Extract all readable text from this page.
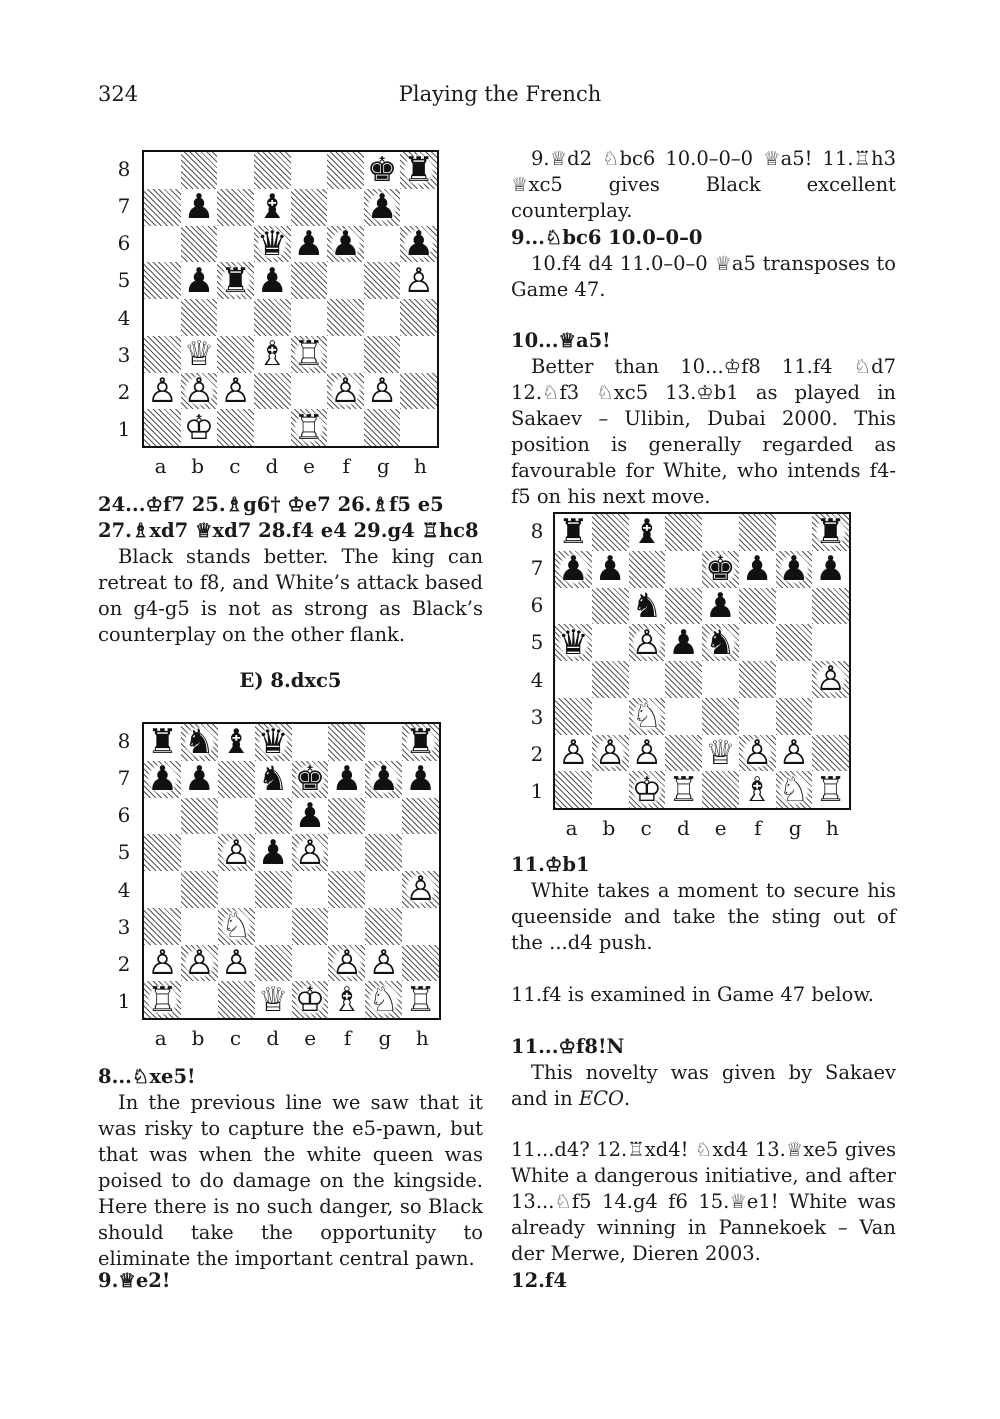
324	Playing the French
8
7
6
5
4
3
2
1
♚ ♜
♟ ♝ ♟
♛ ♟ ♟ ♟
♟ ♜ ♟	♙
♕ ♗ ♖
♙ ♙ ♙ ♙ ♙
♔ ♖
a	b	c	d	e	f	g	h
24...♔f7 25.♗g6† ♔e7 26.♗f5 e5 27.♗xd7 ♕xd7 28.f4 e4 29.g4 ♖hc8

Black stands better. The king can retreat to f8, and White’s attack based on g4-g5 is not as strong as Black’s counterplay on the other flank.

E) 8.dxc5
8
7
6
5
4
3
2
1
♜ ♞ ♝ ♛	♜
♟ ♟ ♞ ♚ ♟ ♟ ♟
♟
♙ ♟ ♙
♙
♘
♙ ♙ ♙ ♙ ♙
♖ ♕ ♔ ♗ ♘ ♖
a	b	c	d	e	f	g	h
8...♘xe5!

In the previous line we saw that it was risky to capture the e5-pawn, but that was when the white queen was poised to do damage on the kingside. Here there is no such danger, so Black should take the opportunity to eliminate the important central pawn.

9.♕e2!

9.♕d2 ♘bc6 10.0–0–0 ♕a5! 11.♖h3 ♕xc5 gives Black excellent counterplay.

9...♘bc6 10.0–0–0

10.f4 d4 11.0–0–0 ♕a5 transposes to Game 47.

10...♕a5!

Better than 10...♔f8 11.f4 ♘d7 12.♘f3 ♘xc5 13.♔b1 as played in Sakaev – Ulibin, Dubai 2000. This position is generally regarded as favourable for White, who intends f4-f5 on his next move.

8
7
6
5
4
3
2
1
♜ ♝	♜
♟ ♟ ♚ ♟ ♟ ♟
♞ ♟
♛ ♙ ♟ ♞
♙
♘
♙ ♙ ♙ ♕ ♙ ♙
♔ ♖ ♗ ♘ ♖
a	b	c	d	e	f	g	h
11.♔b1

White takes a moment to secure his queenside and take the sting out of the ...d4 push.

11.f4 is examined in Game 47 below.

11...♔f8!N

This novelty was given by Sakaev and in ECO.

11...d4? 12.♖xd4! ♘xd4 13.♕xe5 gives White a dangerous initiative, and after 13...♘f5 14.g4 f6 15.♕e1! White was already winning in Pannekoek – Van der Merwe, Dieren 2003.

12.f4
